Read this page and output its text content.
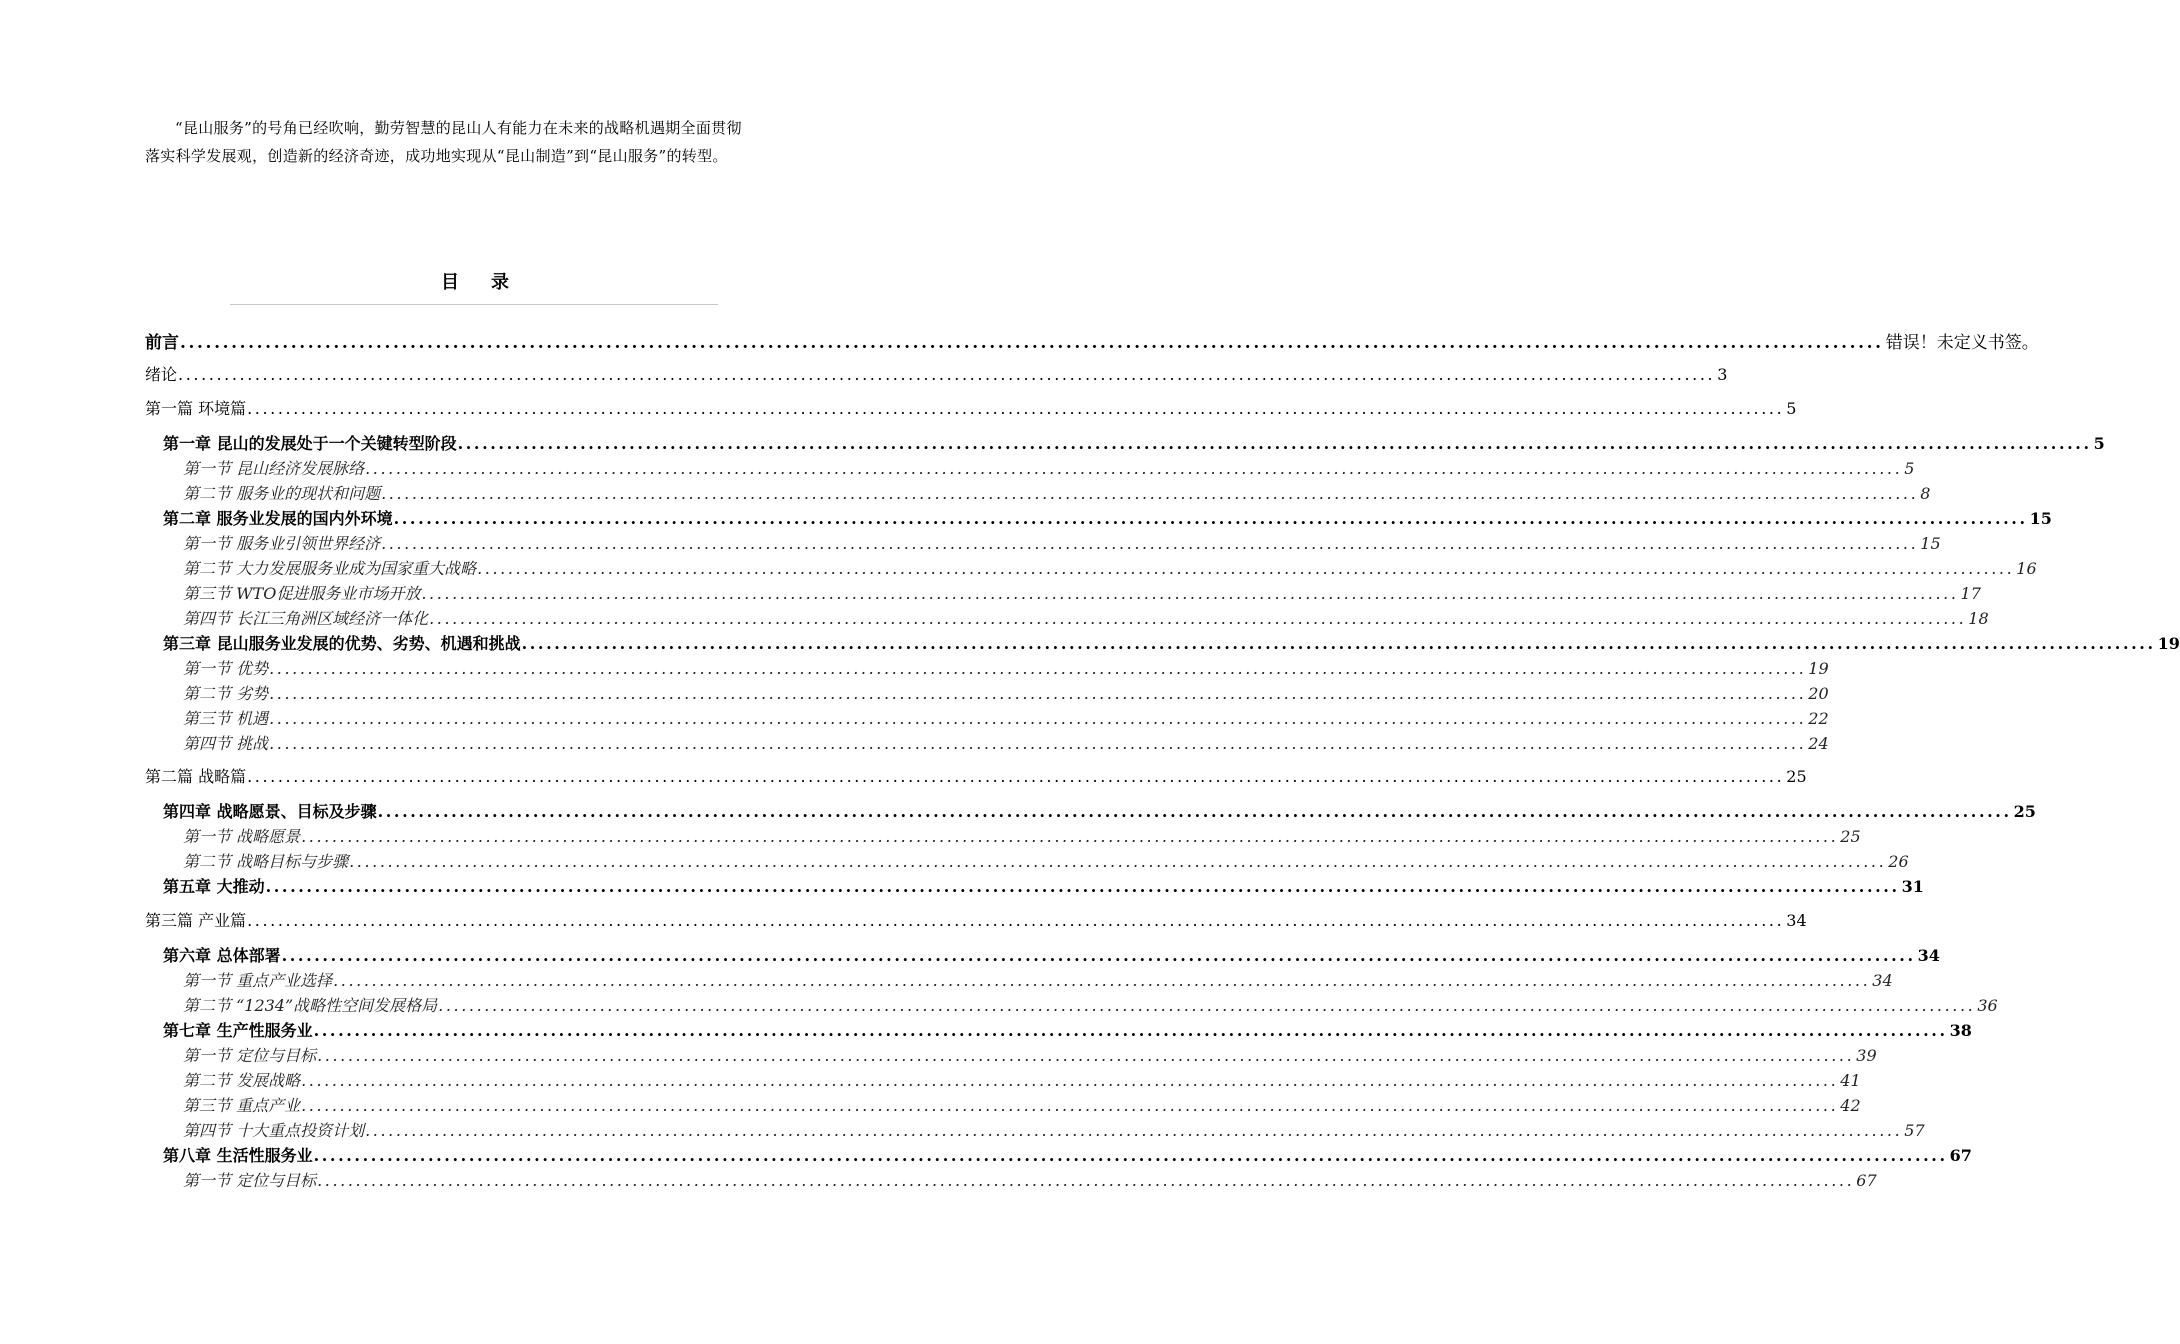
“昆山服务”的号角已经吹响，勤劳智慧的昆山人有能力在未来的战略机遇期全面贯彻

落实科学发展观，创造新的经济奇迹，成功地实现从“昆山制造”到“昆山服务”的转型。

目录
前言 ........................................................................................................................................................................................................ 错误！未定义书签。
绪论 ........................................................................................................................................................................................................ 3
第一篇 环境篇 ........................................................................................................................................................................................................ 5
第一章 昆山的发展处于一个关键转型阶段 ........................................................................................................................................................................................................ 5
第一节 昆山经济发展脉络 ........................................................................................................................................................................................................ 5
第二节 服务业的现状和问题 ........................................................................................................................................................................................................ 8
第二章 服务业发展的国内外环境 ........................................................................................................................................................................................................ 15
第一节 服务业引领世界经济 ........................................................................................................................................................................................................ 15
第二节 大力发展服务业成为国家重大战略 ........................................................................................................................................................................................................ 16
第三节 WTO促进服务业市场开放 ........................................................................................................................................................................................................ 17
第四节 长江三角洲区域经济一体化 ........................................................................................................................................................................................................ 18
第三章 昆山服务业发展的优势、劣势、机遇和挑战 ........................................................................................................................................................................................................ 19
第一节 优势 ........................................................................................................................................................................................................ 19
第二节 劣势 ........................................................................................................................................................................................................ 20
第三节 机遇 ........................................................................................................................................................................................................ 22
第四节 挑战 ........................................................................................................................................................................................................ 24
第二篇 战略篇 ........................................................................................................................................................................................................ 25
第四章 战略愿景、目标及步骤 ........................................................................................................................................................................................................ 25
第一节 战略愿景 ........................................................................................................................................................................................................ 25
第二节 战略目标与步骤 ........................................................................................................................................................................................................ 26
第五章 大推动 ........................................................................................................................................................................................................ 31
第三篇 产业篇 ........................................................................................................................................................................................................ 34
第六章 总体部署 ........................................................................................................................................................................................................ 34
第一节 重点产业选择 ........................................................................................................................................................................................................ 34
第二节 “1234”战略性空间发展格局 ........................................................................................................................................................................................................ 36
第七章 生产性服务业 ........................................................................................................................................................................................................ 38
第一节 定位与目标 ........................................................................................................................................................................................................ 39
第二节 发展战略 ........................................................................................................................................................................................................ 41
第三节 重点产业 ........................................................................................................................................................................................................ 42
第四节 十大重点投资计划 ........................................................................................................................................................................................................ 57
第八章 生活性服务业 ........................................................................................................................................................................................................ 67
第一节 定位与目标 ........................................................................................................................................................................................................ 67
